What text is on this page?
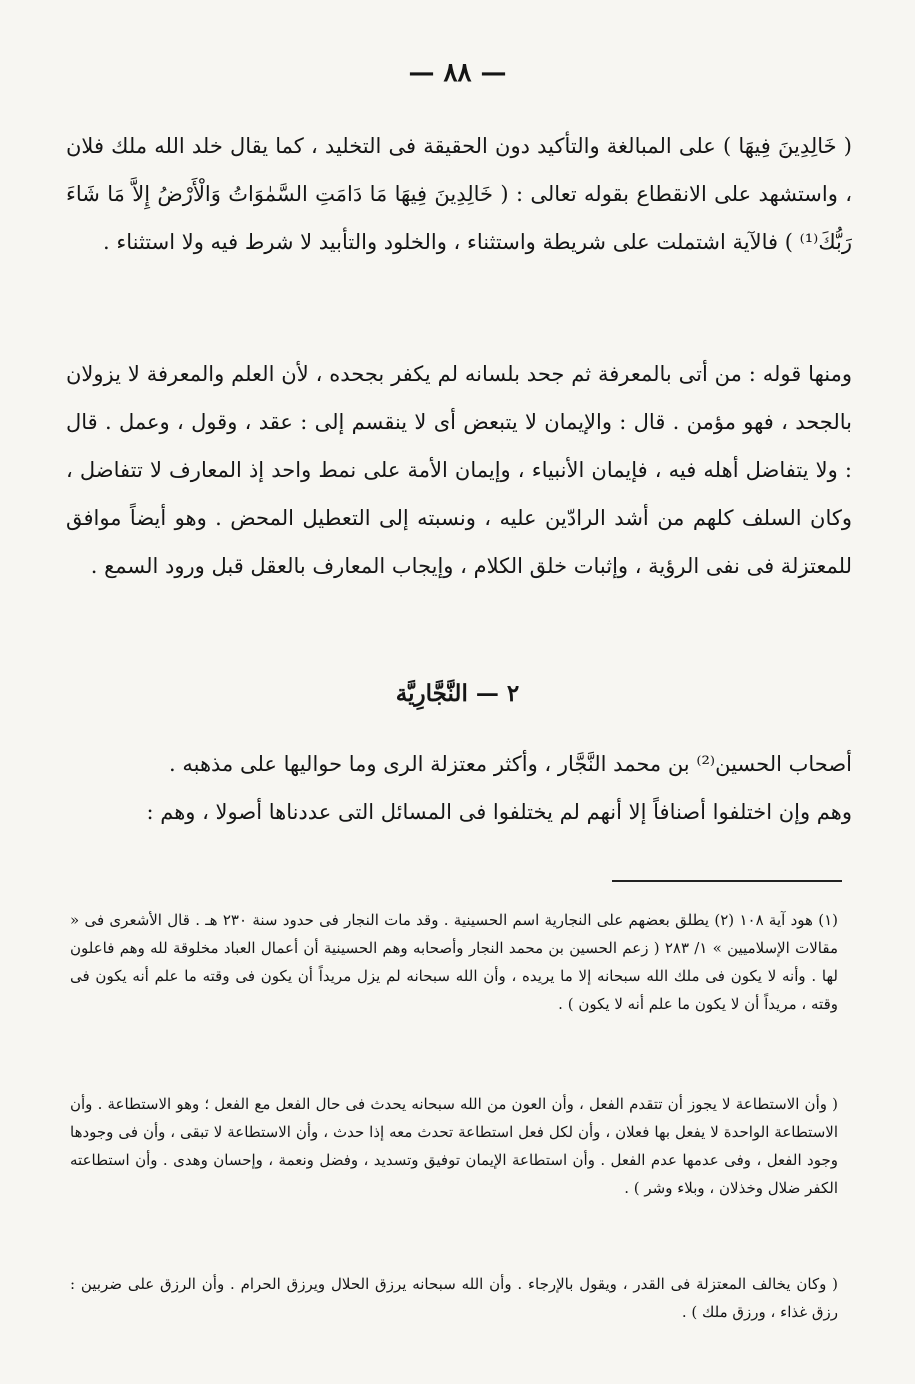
— ٨٨ —

( خَالِدِينَ فِيهَا ) على المبالغة والتأكيد دون الحقيقة فى التخليد ، كما يقال خلد الله ملك فلان ، واستشهد على الانقطاع بقوله تعالى : ( خَالِدِينَ فِيهَا مَا دَامَتِ السَّمٰوَاتُ وَالْأَرْضُ إِلاَّ مَا شَاءَ رَبُّكَ⁽¹⁾ ) فالآية اشتملت على شريطة واستثناء ، والخلود والتأبيد لا شرط فيه ولا استثناء .

ومنها قوله : من أتى بالمعرفة ثم جحد بلسانه لم يكفر بجحده ، لأن العلم والمعرفة لا يزولان بالجحد ، فهو مؤمن . قال : والإيمان لا يتبعض أى لا ينقسم إلى : عقد ، وقول ، وعمل . قال : ولا يتفاضل أهله فيه ، فإيمان الأنبياء ، وإيمان الأمة على نمط واحد إذ المعارف لا تتفاضل ، وكان السلف كلهم من أشد الرادّين عليه ، ونسبته إلى التعطيل المحض . وهو أيضاً موافق للمعتزلة فى نفى الرؤية ، وإثبات خلق الكلام ، وإيجاب المعارف بالعقل قبل ورود السمع .

٢ — النَّجَّارِيَّة

أصحاب الحسين⁽²⁾ بن محمد النَّجَّار ، وأكثر معتزلة الرى وما حواليها على مذهبه .

وهم وإن اختلفوا أصنافاً إلا أنهم لم يختلفوا فى المسائل التى عددناها أصولا ، وهم :

(١) هود آية ١٠٨ (٢) يطلق بعضهم على النجارية اسم الحسينية . وقد مات النجار فى حدود سنة ٢٣٠ هـ . قال الأشعرى فى « مقالات الإسلاميين » ١/ ٢٨٣ ( زعم الحسين بن محمد النجار وأصحابه وهم الحسينية أن أعمال العباد مخلوقة لله وهم فاعلون لها . وأنه لا يكون فى ملك الله سبحانه إلا ما يريده ، وأن الله سبحانه لم يزل مريداً أن يكون فى وقته ما علم أنه يكون فى وقته ، مريداً أن لا يكون ما علم أنه لا يكون ) .

( وأن الاستطاعة لا يجوز أن تتقدم الفعل ، وأن العون من الله سبحانه يحدث فى حال الفعل مع الفعل ؛ وهو الاستطاعة . وأن الاستطاعة الواحدة لا يفعل بها فعلان ، وأن لكل فعل استطاعة تحدث معه إذا حدث ، وأن الاستطاعة لا تبقى ، وأن فى وجودها وجود الفعل ، وفى عدمها عدم الفعل . وأن استطاعة الإيمان توفيق وتسديد ، وفضل ونعمة ، وإحسان وهدى . وأن استطاعته الكفر ضلال وخذلان ، وبلاء وشر ) .

( وكان يخالف المعتزلة فى القدر ، ويقول بالإرجاء . وأن الله سبحانه يرزق الحلال ويرزق الحرام . وأن الرزق على ضربين : رزق غذاء ، ورزق ملك ) .
